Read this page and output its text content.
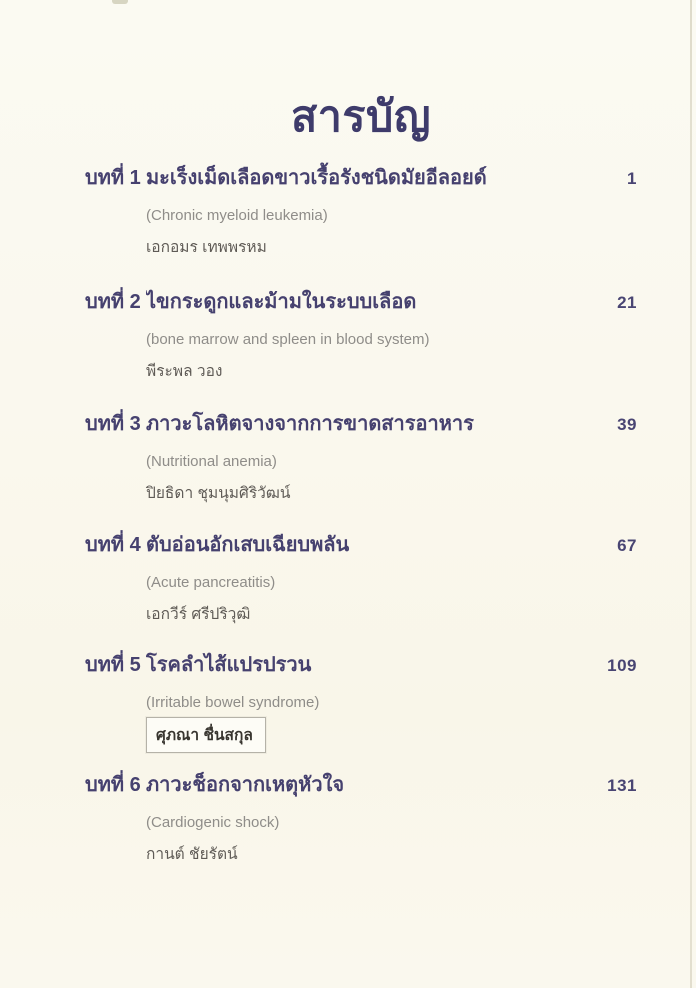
สารบัญ
บทที่ 1 มะเร็งเม็ดเลือดขาวเรื้อรังชนิดมัยอีลอยด์	1
(Chronic myeloid leukemia)
เอกอมร เทพพรหม
บทที่ 2 ไขกระดูกและม้ามในระบบเลือด	21
(bone marrow and spleen in blood system)
พีระพล วอง
บทที่ 3 ภาวะโลหิตจางจากการขาดสารอาหาร	39
(Nutritional anemia)
ปิยธิดา ชุมนุมศิริวัฒน์
บทที่ 4 ตับอ่อนอักเสบเฉียบพลัน	67
(Acute pancreatitis)
เอกวีร์ ศรีปริวุฒิ
บทที่ 5 โรคลำไส้แปรปรวน	109
(Irritable bowel syndrome)
ศุภณา ชื่นสกุล
บทที่ 6 ภาวะช็อกจากเหตุหัวใจ	131
(Cardiogenic shock)
กานต์ ชัยรัตน์
